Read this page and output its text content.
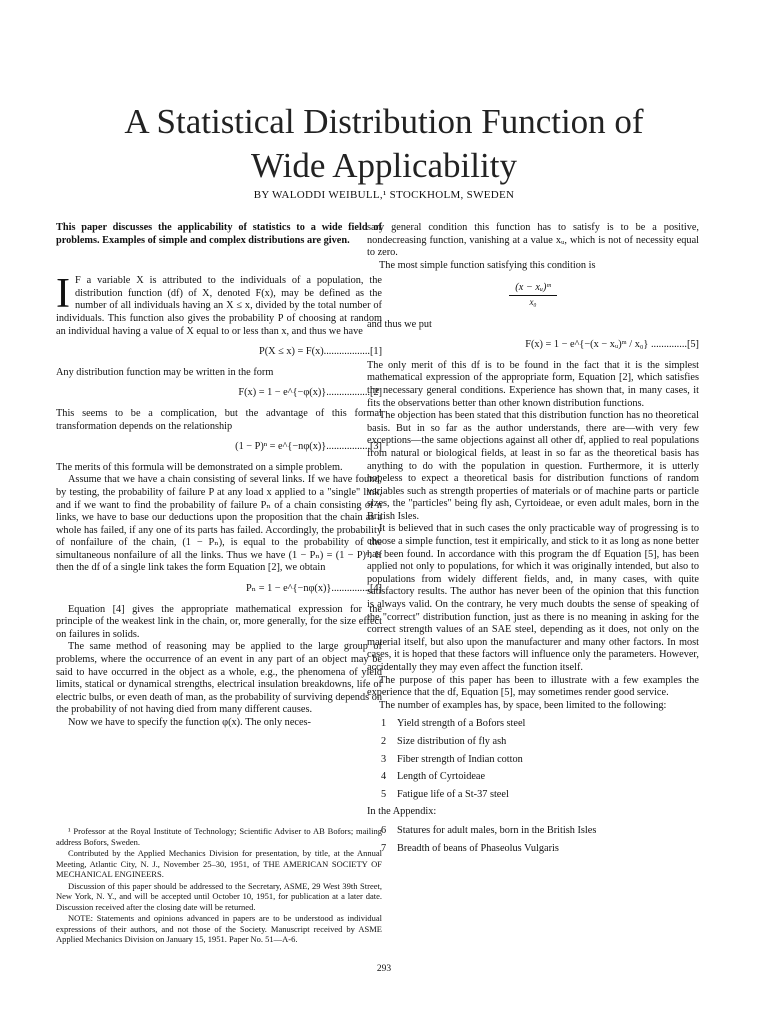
A Statistical Distribution Function of
Wide Applicability
BY WALODDI WEIBULL,¹ STOCKHOLM, SWEDEN

This paper discusses the applicability of statistics to a wide field of problems. Examples of simple and complex distributions are given.

I F a variable X is attributed to the individuals of a population, the distribution function (df) of X, denoted F(x), may be defined as the number of all individuals having an X ≤ x, divided by the total number of individuals. This function also gives the probability P of choosing at random an individual having a value of X equal to or less than x, and thus we have

P(X ≤ x) = F(x)..................[1]

Any distribution function may be written in the form

F(x) = 1 − e^{−φ(x)}.................[2]

This seems to be a complication, but the advantage of this formal transformation depends on the relationship

(1 − P)ⁿ = e^{−nφ(x)}.................[3]

The merits of this formula will be demonstrated on a simple problem.

Assume that we have a chain consisting of several links. If we have found, by testing, the probability of failure P at any load x applied to a "single" link, and if we want to find the probability of failure Pₙ of a chain consisting of n links, we have to base our deductions upon the proposition that the chain as a whole has failed, if any one of its parts has failed. Accordingly, the probability of nonfailure of the chain, (1 − Pₙ), is equal to the probability of the simultaneous nonfailure of all the links. Thus we have (1 − Pₙ) = (1 − P)ⁿ. If then the df of a single link takes the form Equation [2], we obtain

Pₙ = 1 − e^{−nφ(x)}...............[4]

Equation [4] gives the appropriate mathematical expression for the principle of the weakest link in the chain, or, more generally, for the size effect on failures in solids.

The same method of reasoning may be applied to the large group of problems, where the occurrence of an event in any part of an object may be said to have occurred in the object as a whole, e.g., the phenomena of yield limits, statical or dynamical strengths, electrical insulation breakdowns, life of electric bulbs, or even death of man, as the probability of surviving depends on the probability of not having died from many different causes.

Now we have to specify the function φ(x). The only neces-

sary general condition this function has to satisfy is to be a positive, nondecreasing function, vanishing at a value xᵤ, which is not of necessity equal to zero.

The most simple function satisfying this condition is

(x − xᵤ)ᵐ
x₀

and thus we put

F(x) = 1 − e^{−(x − xᵤ)ᵐ / x₀} ..............[5]

The only merit of this df is to be found in the fact that it is the simplest mathematical expression of the appropriate form, Equation [2], which satisfies the necessary general conditions. Experience has shown that, in many cases, it fits the observations better than other known distribution functions.

The objection has been stated that this distribution function has no theoretical basis. But in so far as the author understands, there are—with very few exceptions—the same objections against all other df, applied to real populations from natural or biological fields, at least in so far as the theoretical basis has anything to do with the population in question. Furthermore, it is utterly hopeless to expect a theoretical basis for distribution functions of random variables such as strength properties of materials or of machine parts or particle sizes, the "particles" being fly ash, Cyrtoideae, or even adult males, born in the British Isles.

It is believed that in such cases the only practicable way of progressing is to choose a simple function, test it empirically, and stick to it as long as none better has been found. In accordance with this program the df Equation [5], has been applied not only to populations, for which it was originally intended, but also to populations from widely different fields, and, in many cases, with quite satisfactory results. The author has never been of the opinion that this function is always valid. On the contrary, he very much doubts the sense of speaking of the "correct" distribution function, just as there is no meaning in asking for the correct strength values of an SAE steel, depending as it does, not only on the material itself, but also upon the manufacturer and many other factors. In most cases, it is hoped that these factors will influence only the parameters. However, accidentally they may even affect the function itself.

The purpose of this paper has been to illustrate with a few examples the experience that the df, Equation [5], may sometimes render good service.

The number of examples has, by space, been limited to the following:

1 Yield strength of a Bofors steel
2 Size distribution of fly ash
3 Fiber strength of Indian cotton
4 Length of Cyrtoideae
5 Fatigue life of a St-37 steel

In the Appendix:

6 Statures for adult males, born in the British Isles
7 Breadth of beans of Phaseolus Vulgaris

¹ Professor at the Royal Institute of Technology; Scientific Adviser to AB Bofors; mailing address Bofors, Sweden.

Contributed by the Applied Mechanics Division for presentation, by title, at the Annual Meeting, Atlantic City, N. J., November 25–30, 1951, of THE AMERICAN SOCIETY OF MECHANICAL ENGINEERS.

Discussion of this paper should be addressed to the Secretary, ASME, 29 West 39th Street, New York, N. Y., and will be accepted until October 10, 1951, for publication at a later date. Discussion received after the closing date will be returned.

NOTE: Statements and opinions advanced in papers are to be understood as individual expressions of their authors, and not those of the Society. Manuscript received by ASME Applied Mechanics Division on January 15, 1951. Paper No. 51—A-6.

293
